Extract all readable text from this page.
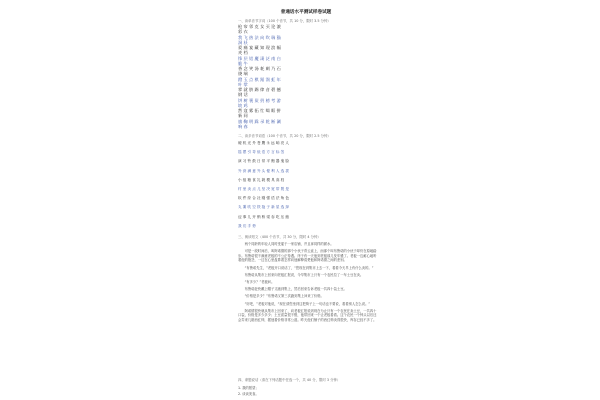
普通话水平测试样卷试题
一、读单音节字词（100 个音节，共 10 分，限时 3.5 分钟）
枪 帘 邻 克 女 买 论 滚 彩 衣
我 飞 热 法 向 吹 瑞 猫 洞 袄
爱 痛 宴 藏 知 现 滨 幅 麦 档
锋 层 铝 魔 凄 泛 南 白 脆 牛
香 念 笑 汤 耗 刺 乃 石 烧 端
蹬 玉 点 棋 蹈 润 虹 年 叶 掌
掌 就 脐 踢 律 音 碧 撼 钢 话
饼 树 裹 炭 扔 榜 考 游 坡 鸡
然 寇 雾 拓 忙 喝 眶 拼 新 同
旗 鞠 明 跺 录 乾 断 涮 响 春
二、读多音节词语（100 个音节，共 20 分，限时 2.5 分钟）
硬 机 光 外 苍 鹰 永 远 响 亮 人
摇 摆 引 导 低 语 方 言 标 签
演 习 铃 鼓 日 常 平 衡 器 鬼 脸
外 套 满 意 外 头 便 利 人 选 拔
小 组 粮 食 礼 貌 模 具 高 档
村 里 卖 点 儿 坚 决 宽 带 既 是
软 件 综 合 社 刚 强 语 法 角 色
丸 薯 吹 空 铁 拖 子 新 星 选 择
迈 事 儿 开 销 桥 梁 吞 吃 压 缩
我 们 手 势
三、朗读短文（400 个音节，共 30 分，限时 4 分钟）

两个同龄的年轻人同时受雇于一家店铺，并且拿同样的薪水。

可是一段时间后，叫阿诺德的那个小伙子青云直上，而那个叫布鲁诺的小伙子却仍在原地踏步。布鲁诺很不满意老板的不公正待遇。终于有一天他到老板那儿发牢骚了。老板一边耐心地听着他的抱怨，一边在心里盘算着怎样向他解释清楚他和阿诺德之间的差别。

“布鲁诺先生，”老板开口说话了，“您现在到集市上去一下，看看今天早上有什么卖的。”

布鲁诺从集市上回来向老板汇报说，今早集市上只有一个农民拉了一车土豆在卖。

“有多少？”老板问。

布鲁诺赶快戴上帽子又跑到集上，然后回来告诉老板一共四十袋土豆。

“价格是多少？”布鲁诺又第三次跑到集上问来了价格。

“好吧，”老板对他说，“现在请您坐到这把椅子上一句话也不要说，看看别人怎么说。”

阿诺德很快就从集市上回来了，向老板汇报说到现在为止只有一个农民在卖土豆，一共四十口袋，价格是多少多少；土豆质量很不错，他带回来一个让老板看看。这个农民一个钟头以后还会弄来几箱西红柿，据他看价格非常公道。昨天他们铺子的西红柿卖得很快，库存已经不多了。

四、命题说话（请在下列话题中任选一个，共 40 分，限时 3 分钟）
1. 我的愿望；
2. 谈谈美食。
